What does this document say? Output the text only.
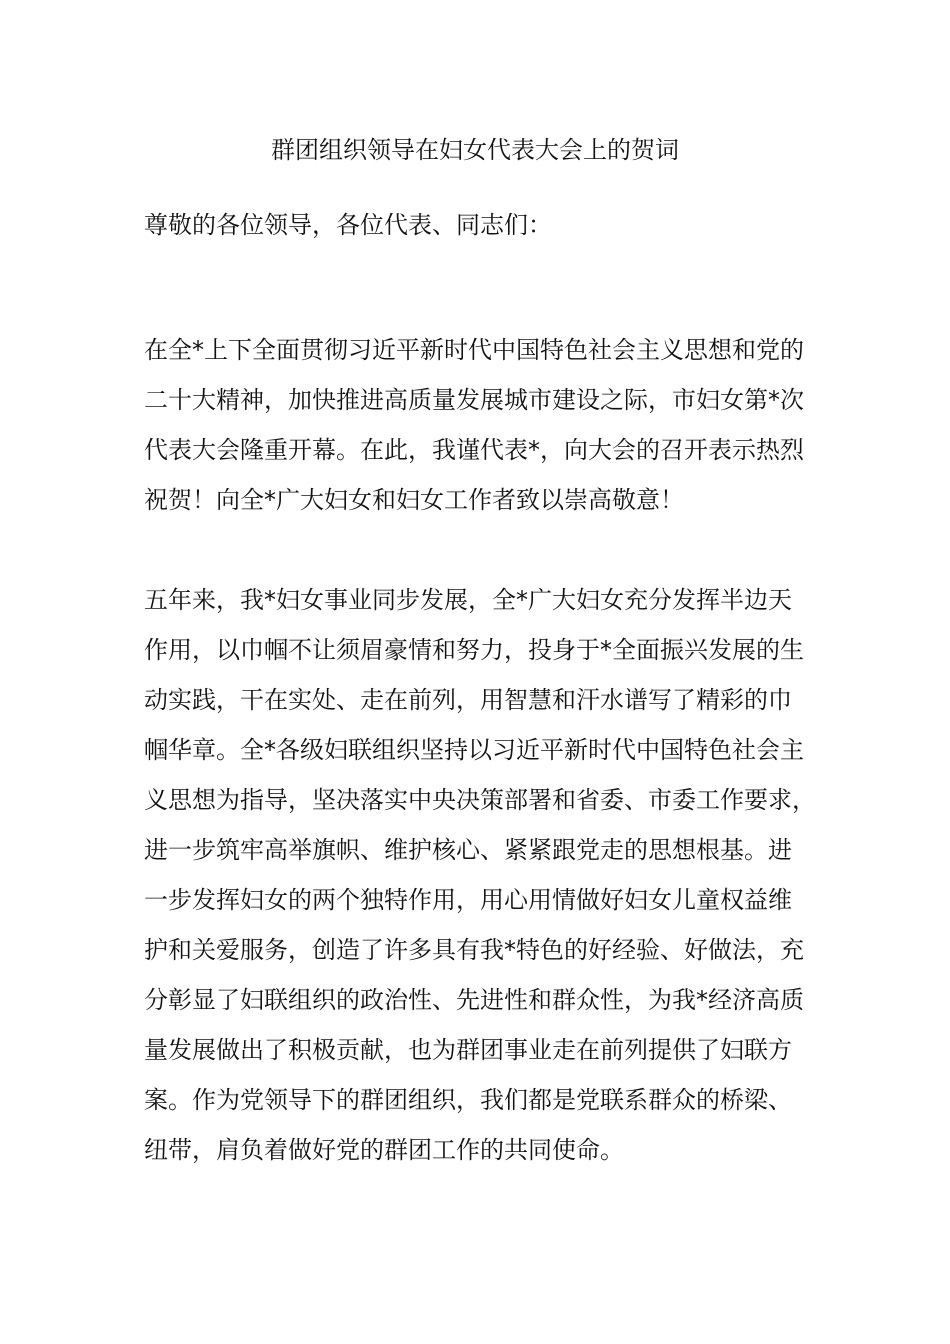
群团组织领导在妇女代表大会上的贺词

尊敬的各位领导，各位代表、同志们：

在全*上下全面贯彻习近平新时代中国特色社会主义思想和党的
二十大精神，加快推进高质量发展城市建设之际，市妇女第*次
代表大会隆重开幕。在此，我谨代表*，向大会的召开表示热烈
祝贺！向全*广大妇女和妇女工作者致以崇高敬意！
五年来，我*妇女事业同步发展，全*广大妇女充分发挥半边天
作用，以巾帼不让须眉豪情和努力，投身于*全面振兴发展的生
动实践，干在实处、走在前列，用智慧和汗水谱写了精彩的巾
帼华章。全*各级妇联组织坚持以习近平新时代中国特色社会主
义思想为指导，坚决落实中央决策部署和省委、市委工作要求，
进一步筑牢高举旗帜、维护核心、紧紧跟党走的思想根基。进
一步发挥妇女的两个独特作用，用心用情做好妇女儿童权益维
护和关爱服务，创造了许多具有我*特色的好经验、好做法，充
分彰显了妇联组织的政治性、先进性和群众性，为我*经济高质
量发展做出了积极贡献，也为群团事业走在前列提供了妇联方
案。作为党领导下的群团组织，我们都是党联系群众的桥梁、
纽带，肩负着做好党的群团工作的共同使命。
